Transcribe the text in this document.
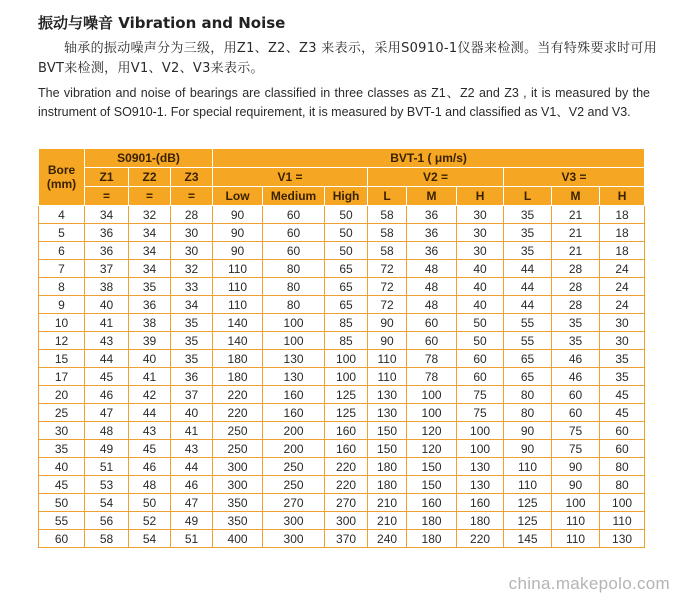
振动与噪音 Vibration and Noise
轴承的振动噪声分为三级，用Z1、Z2、Z3 来表示，采用S0910-1仪器来检测。当有特殊要求时可用BVT来检测，用V1、V2、V3来表示。
The vibration and noise of bearings are classified in three classes as Z1、Z2 and Z3 , it is measured by the instrument of SO910-1. For special requirement, it is measured by BVT-1 and classified as V1、V2 and V3.
Bore
(mm)	S0901-(dB)			BVT-1 ( μm/s)								
	Z1	Z2	Z3	V1 =			V2 =			V3 =		
	=	=	=	Low	Medium	High	L	M	H	L	M	H
4	34	32	28	90	60	50	58	36	30	35	21	18
5	36	34	30	90	60	50	58	36	30	35	21	18
6	36	34	30	90	60	50	58	36	30	35	21	18
7	37	34	32	110	80	65	72	48	40	44	28	24
8	38	35	33	110	80	65	72	48	40	44	28	24
9	40	36	34	110	80	65	72	48	40	44	28	24
10	41	38	35	140	100	85	90	60	50	55	35	30
12	43	39	35	140	100	85	90	60	50	55	35	30
15	44	40	35	180	130	100	110	78	60	65	46	35
17	45	41	36	180	130	100	110	78	60	65	46	35
20	46	42	37	220	160	125	130	100	75	80	60	45
25	47	44	40	220	160	125	130	100	75	80	60	45
30	48	43	41	250	200	160	150	120	100	90	75	60
35	49	45	43	250	200	160	150	120	100	90	75	60
40	51	46	44	300	250	220	180	150	130	110	90	80
45	53	48	46	300	250	220	180	150	130	110	90	80
50	54	50	47	350	270	270	210	160	160	125	100	100
55	56	52	49	350	300	300	210	180	180	125	110	110
60	58	54	51	400	300	370	240	180	220	145	110	130
china.makepolo.com
